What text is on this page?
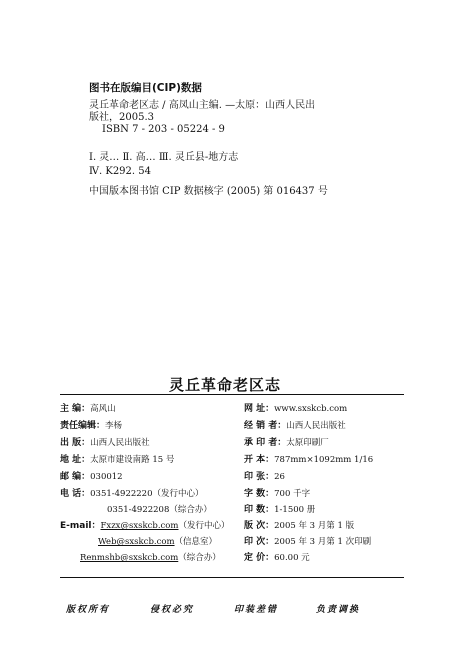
图书在版编目(CIP)数据
灵丘革命老区志 / 高凤山主编. —太原：山西人民出
版社，2005.3
ISBN 7 - 203 - 05224 - 9
Ⅰ. 灵… Ⅱ. 高… Ⅲ. 灵丘县-地方志
Ⅳ. K292. 54
中国版本图书馆 CIP 数据核字 (2005) 第 016437 号
灵丘革命老区志
主 编：高风山
责任编辑：李杨
出 版：山西人民出版社
地 址：太原市建设南路 15 号
邮 编：030012
电 话：0351-4922220（发行中心）
0351-4922208（综合办）
E-mail：Fxzx@sxskcb.com（发行中心）
Web@sxskcb.com（信息室）
Renmshb@sxskcb.com（综合办）
网 址：www.sxskcb.com
经 销 者：山西人民出版社
承 印 者：太原印刷厂
开 本：787mm×1092mm 1/16
印 张：26
字 数：700 千字
印 数：1-1500 册
版 次：2005 年 3 月第 1 版
印 次：2005 年 3 月第 1 次印刷
定 价：60.00 元
版权所有	侵权必究	印装差错	负责调换
